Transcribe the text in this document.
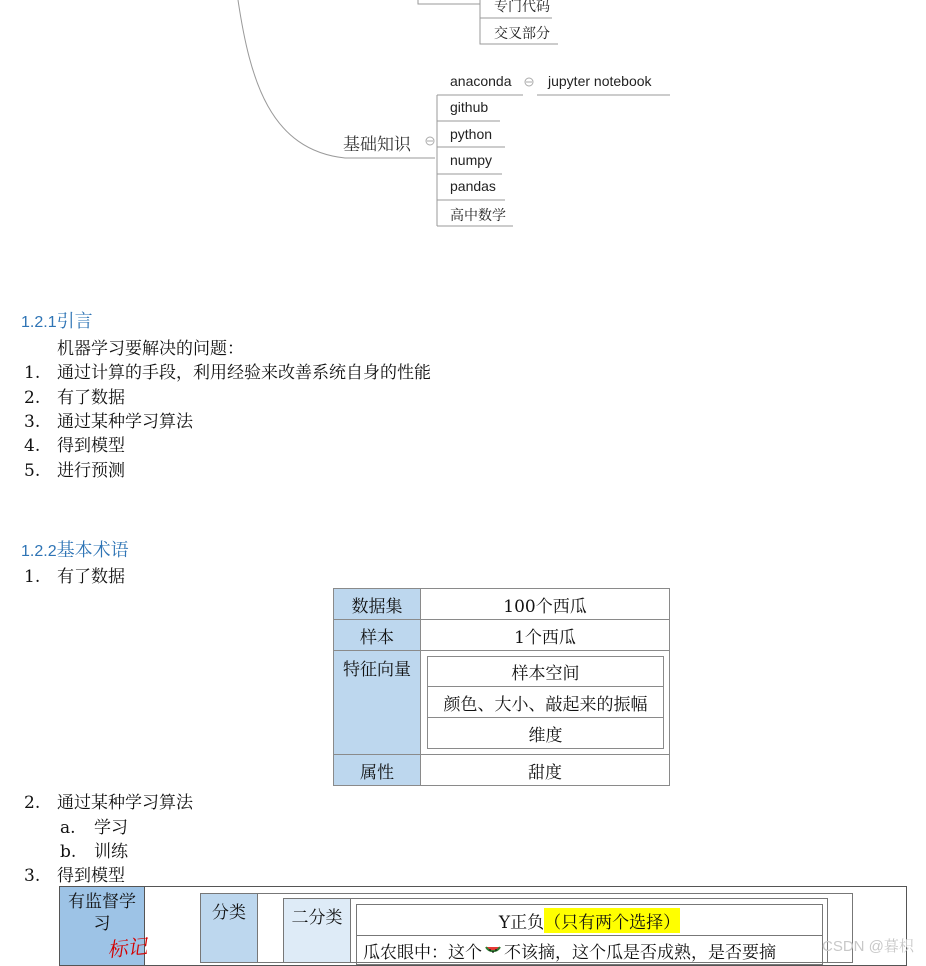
专门代码
交叉部分
基础知识
anaconda	jupyter notebook
github
python
numpy
pandas
高中数学
1.2.1引言
机器学习要解决的问题：
1. 通过计算的手段，利用经验来改善系统自身的性能
2. 有了数据
3. 通过某种学习算法
4. 得到模型
5. 进行预测
1.2.2基本术语
1. 有了数据
数据集	100个西瓜
样本	1个西瓜
特征向量	样本空间
颜色、大小、敲起来的振幅
维度
属性	甜度
2. 通过某种学习算法
a. 学习
b. 训练
3. 得到模型
有监督学习
标记
分类	二分类	Y正负 （只有两个选择）
瓜农眼中：这个 不该摘，这个瓜是否成熟，是否要摘	CSDN @暮枳
